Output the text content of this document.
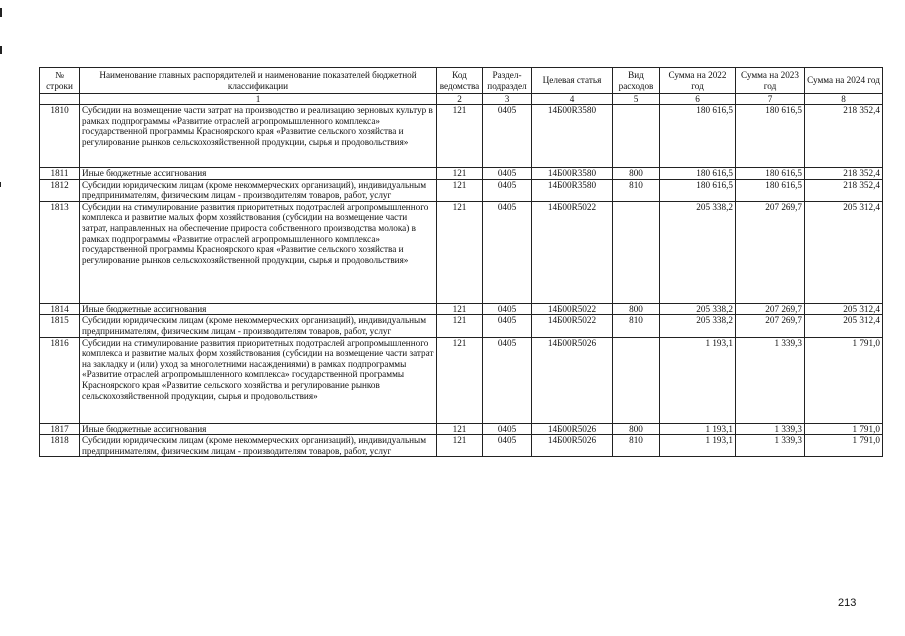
№ строки	Наименование главных распорядителей и наименование показателей бюджетной классификации	Код ведомства	Раздел-подраздел	Целевая статья	Вид расходов	Сумма на 2022 год	Сумма на 2023 год	Сумма на 2024 год
	1	2	3	4	5	6	7	8
1810	Субсидии на возмещение части затрат на производство и реализацию зерновых культур в рамках подпрограммы «Развитие отраслей агропромышленного комплекса» государственной программы Красноярского края «Развитие сельского хозяйства и регулирование рынков сельскохозяйственной продукции, сырья и продовольствия»	121	0405	14Б00R3580		180 616,5	180 616,5	218 352,4
1811	Иные бюджетные ассигнования	121	0405	14Б00R3580	800	180 616,5	180 616,5	218 352,4
1812	Субсидии юридическим лицам (кроме некоммерческих организаций), индивидуальным предпринимателям, физическим лицам - производителям товаров, работ, услуг	121	0405	14Б00R3580	810	180 616,5	180 616,5	218 352,4
1813	Субсидии на стимулирование развития приоритетных подотраслей агропромышленного комплекса и развитие малых форм хозяйствования (субсидии на возмещение части затрат, направленных на обеспечение прироста собственного производства молока) в рамках подпрограммы «Развитие отраслей агропромышленного комплекса» государственной программы Красноярского края «Развитие сельского хозяйства и регулирование рынков сельскохозяйственной продукции, сырья и продовольствия»	121	0405	14Б00R5022		205 338,2	207 269,7	205 312,4
1814	Иные бюджетные ассигнования	121	0405	14Б00R5022	800	205 338,2	207 269,7	205 312,4
1815	Субсидии юридическим лицам (кроме некоммерческих организаций), индивидуальным предпринимателям, физическим лицам - производителям товаров, работ, услуг	121	0405	14Б00R5022	810	205 338,2	207 269,7	205 312,4
1816	Субсидии на стимулирование развития приоритетных подотраслей агропромышленного комплекса и развитие малых форм хозяйствования (субсидии на возмещение части затрат на закладку и (или) уход за многолетними насаждениями) в рамках подпрограммы «Развитие отраслей агропромышленного комплекса» государственной программы Красноярского края «Развитие сельского хозяйства и регулирование рынков сельскохозяйственной продукции, сырья и продовольствия»	121	0405	14Б00R5026		1 193,1	1 339,3	1 791,0
1817	Иные бюджетные ассигнования	121	0405	14Б00R5026	800	1 193,1	1 339,3	1 791,0
1818	Субсидии юридическим лицам (кроме некоммерческих организаций), индивидуальным предпринимателям, физическим лицам - производителям товаров, работ, услуг	121	0405	14Б00R5026	810	1 193,1	1 339,3	1 791,0
213
